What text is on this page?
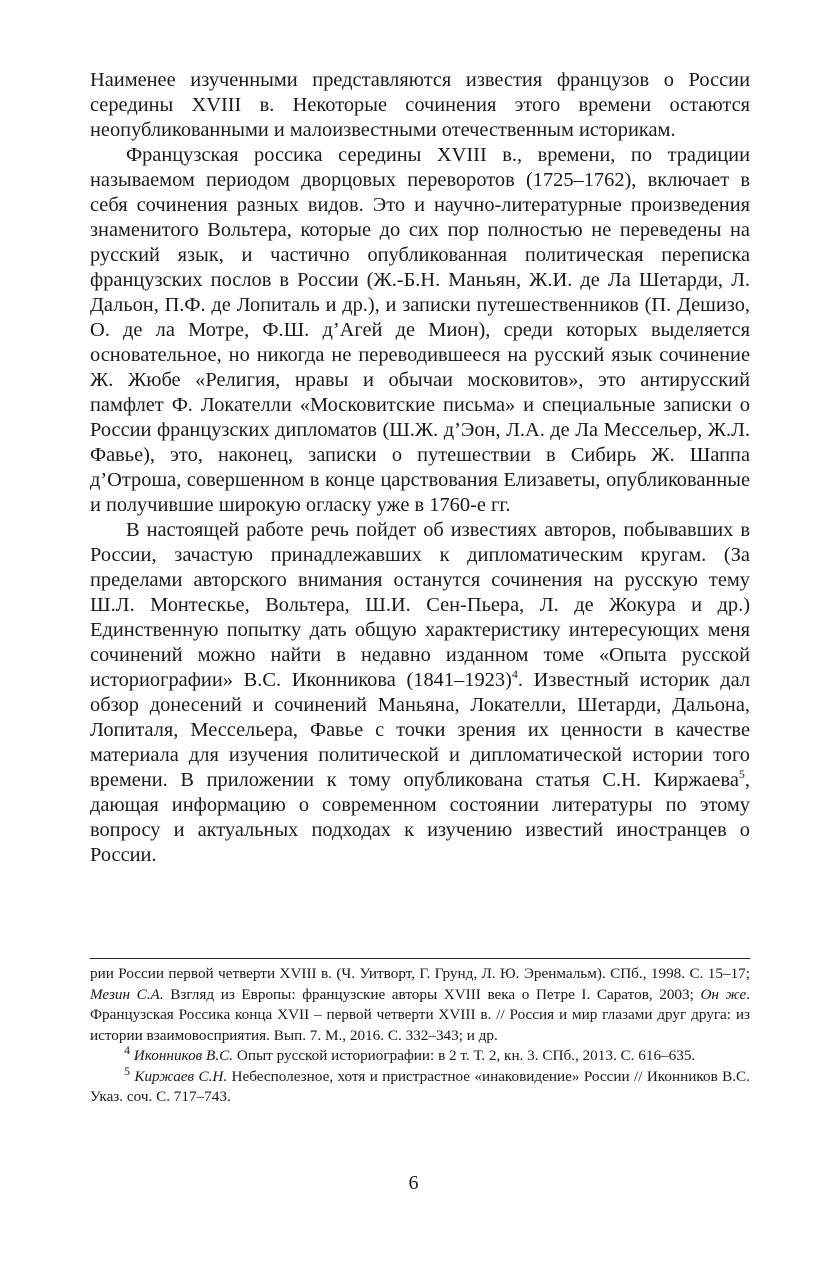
Наименее изученными представляются известия французов о России середины XVIII в. Некоторые сочинения этого времени остаются неопубликованными и малоизвестными отечественным историкам.

Французская россика середины XVIII в., времени, по традиции называемом периодом дворцовых переворотов (1725–1762), включает в себя сочинения разных видов. Это и научно-литературные произведения знаменитого Вольтера, которые до сих пор полностью не переведены на русский язык, и частично опубликованная политическая переписка французских послов в России (Ж.-Б.Н. Маньян, Ж.И. де Ла Шетарди, Л. Дальон, П.Ф. де Лопиталь и др.), и записки путешественников (П. Дешизо, О. де ла Мотре, Ф.Ш. д’Агей де Мион), среди которых выделяется основательное, но никогда не переводившееся на русский язык сочинение Ж. Жюбе «Религия, нравы и обычаи московитов», это антирусский памфлет Ф. Локателли «Московитские письма» и специальные записки о России французских дипломатов (Ш.Ж. д’Эон, Л.А. де Ла Мессельер, Ж.Л. Фавье), это, наконец, записки о путешествии в Сибирь Ж. Шаппа д’Отроша, совершенном в конце царствования Елизаветы, опубликованные и получившие широкую огласку уже в 1760-е гг.

В настоящей работе речь пойдет об известиях авторов, побывавших в России, зачастую принадлежавших к дипломатическим кругам. (За пределами авторского внимания останутся сочинения на русскую тему Ш.Л. Монтескье, Вольтера, Ш.И. Сен-Пьера, Л. де Жокура и др.) Единственную попытку дать общую характеристику интересующих меня сочинений можно найти в недавно изданном томе «Опыта русской историографии» В.С. Иконникова (1841–1923)$^4$. Известный историк дал обзор донесений и сочинений Маньяна, Локателли, Шетарди, Дальона, Лопиталя, Мессельера, Фавье с точки зрения их ценности в качестве материала для изучения политической и дипломатической истории того времени. В приложении к тому опубликована статья С.Н. Киржаева$^5$, дающая информацию о современном состоянии литературы по этому вопросу и актуальных подходах к изучению известий иностранцев о России.

рии России первой четверти XVIII в. (Ч. Уитворт, Г. Грунд, Л. Ю. Эренмальм). СПб., 1998. С. 15–17; Мезин С.А. Взгляд из Европы: французские авторы XVIII века о Петре I. Саратов, 2003; Он же. Французская Россика конца XVII – первой четверти XVIII в. // Россия и мир глазами друг друга: из истории взаимовосприятия. Вып. 7. М., 2016. С. 332–343; и др.

$^4$ Иконников В.С. Опыт русской историографии: в 2 т. Т. 2, кн. 3. СПб., 2013. С. 616–635.

$^5$ Киржаев С.Н. Небесполезное, хотя и пристрастное «инаковидение» России // Иконников В.С. Указ. соч. С. 717–743.

6
